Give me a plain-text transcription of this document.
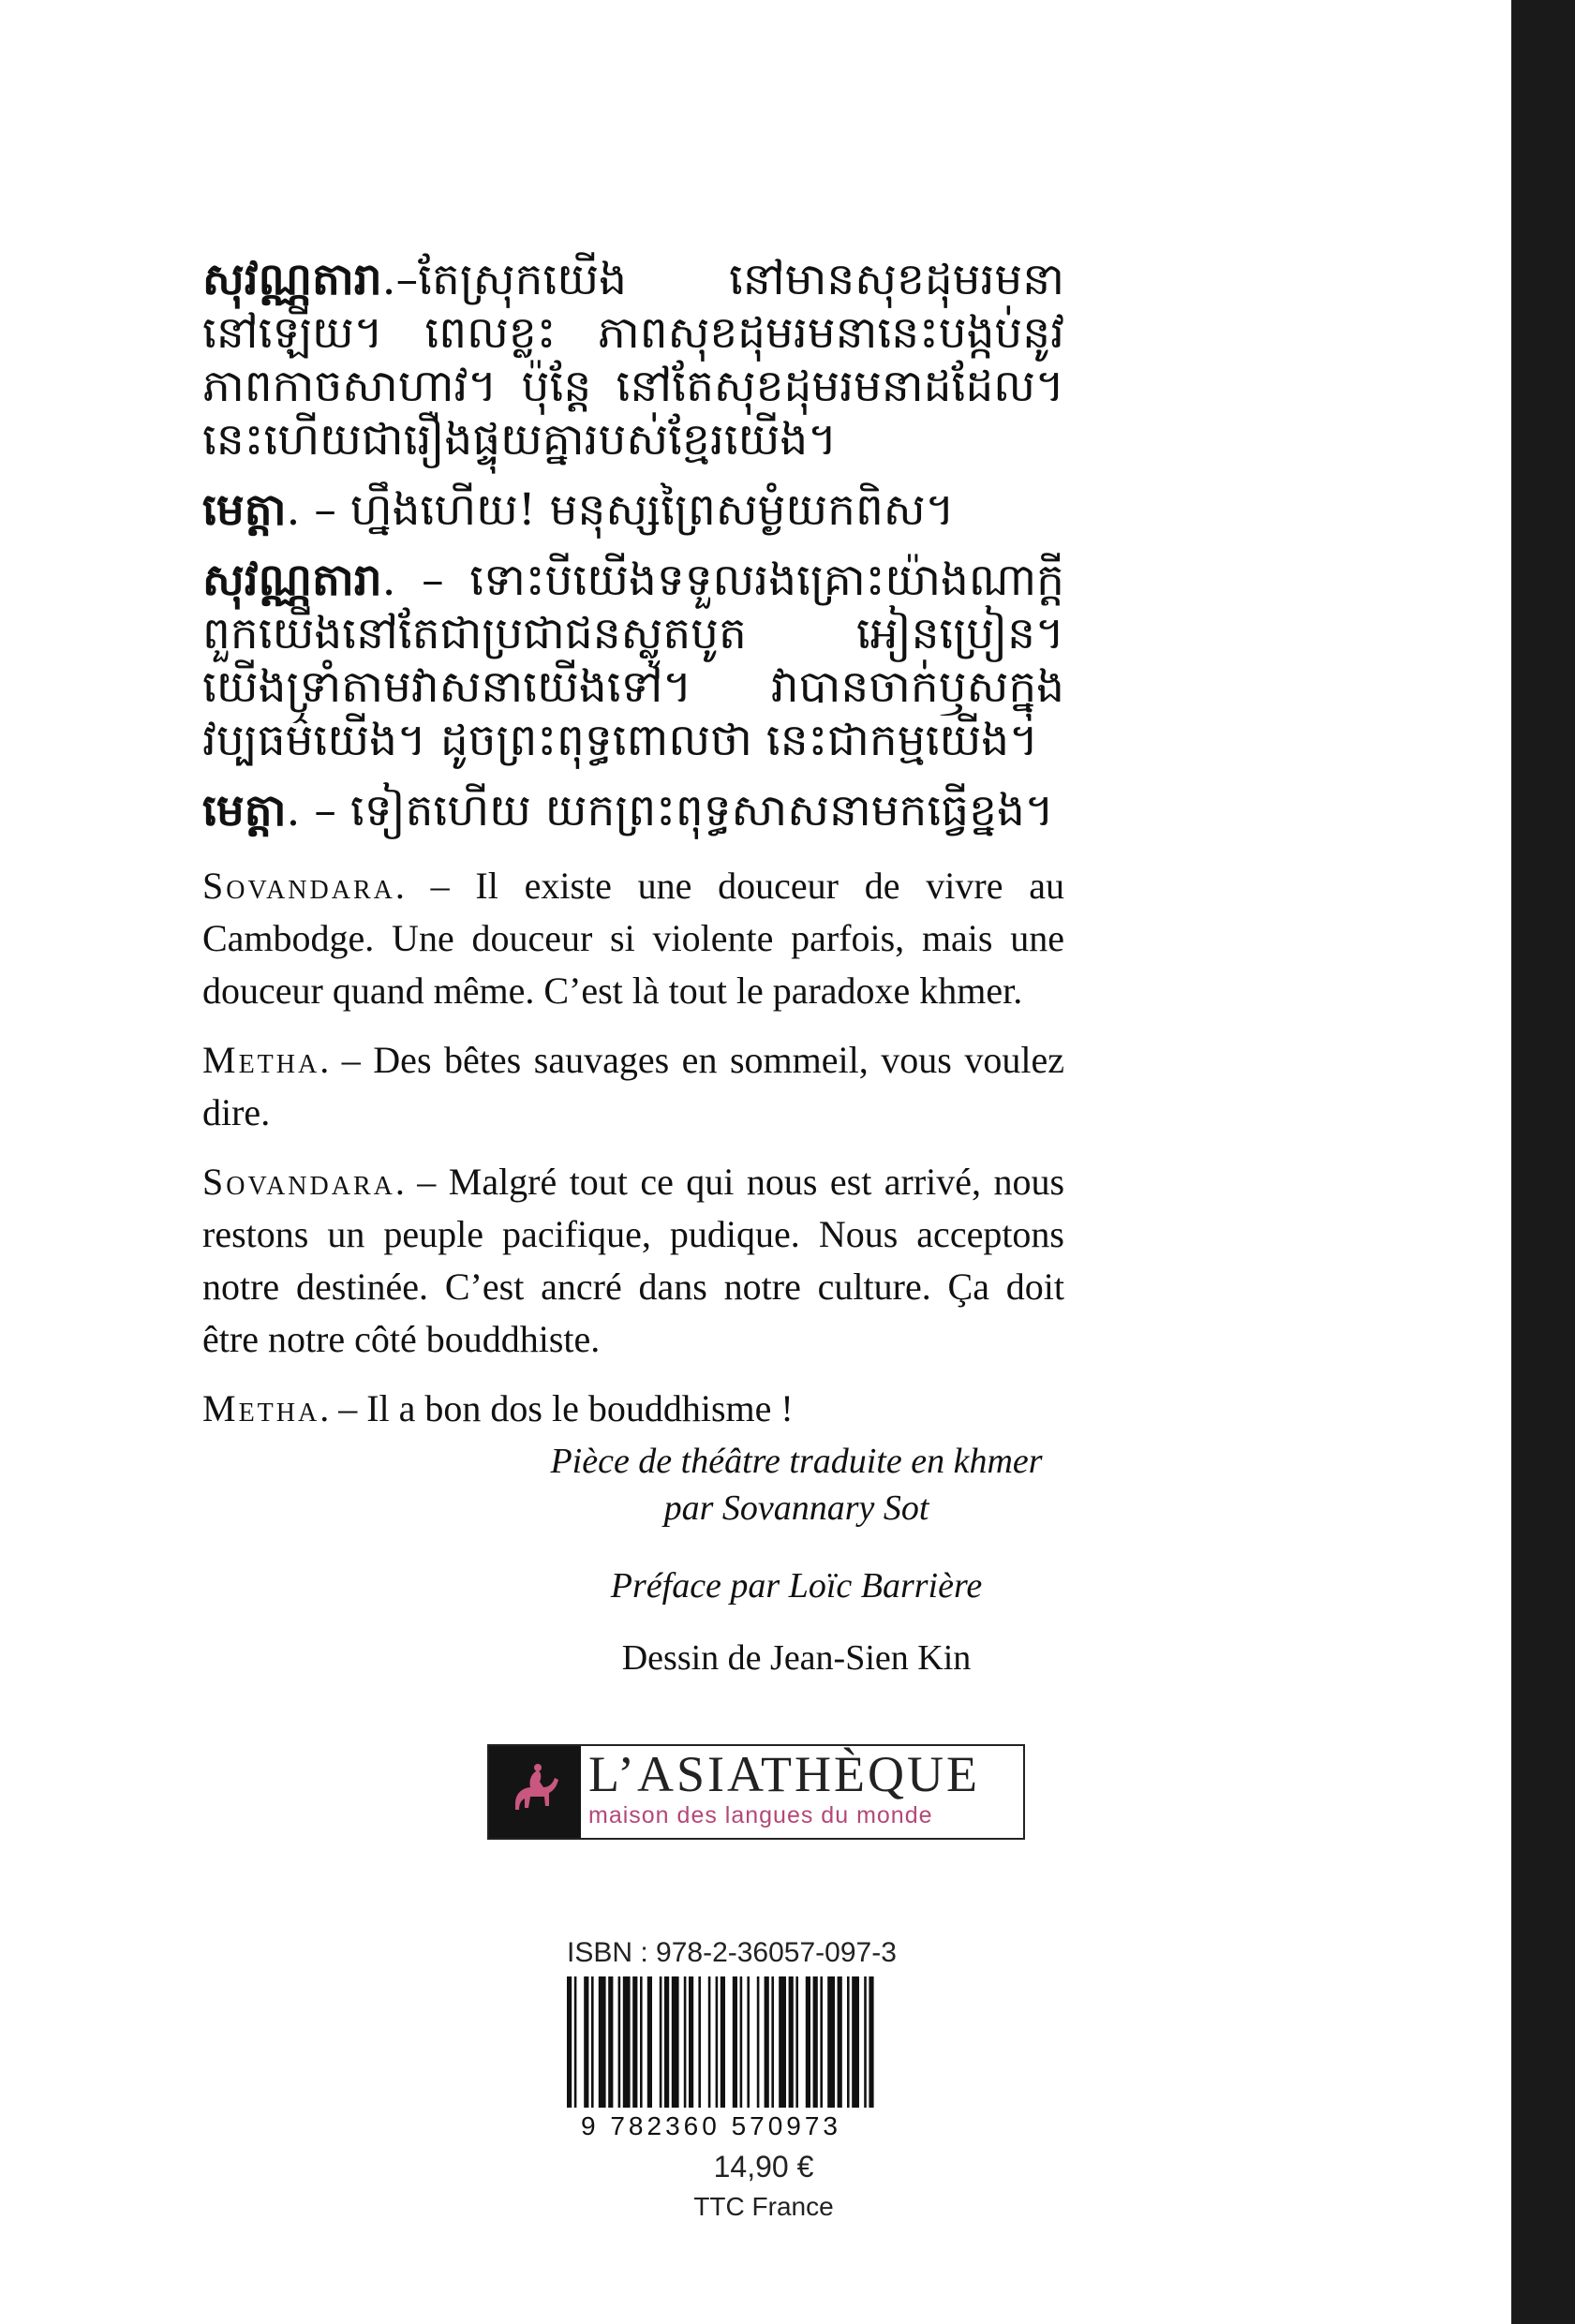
សុវណ្ណតារា.–តែស្រុកយើង នៅមានសុខដុមរមនានៅឡើយ។ ពេលខ្លះ ភាពសុខដុមរមនានេះបង្កប់នូវភាពកាចសាហាវ។ ប៉ុន្តែ នៅតែសុខដុមរមនាដដែល។ នេះហើយជារឿងផ្ទុយគ្នារបស់ខ្មែរយើង។
មេត្តា. – ហ្នឹងហើយ! មនុស្សព្រៃសម្ងំយកពិស។
សុវណ្ណតារា. – ទោះបីយើងទទួលរងគ្រោះយ៉ាងណាក្តី ពួកយើងនៅតែជាប្រជាជនស្លូតបូត អៀនប្រៀន។ យើងទ្រាំតាមវាសនាយើងទៅ។ វាបានចាក់ឫសក្នុងវប្បធម៌យើង។ ដូចព្រះពុទ្ធពោលថា នេះជាកម្មយើង។
មេត្តា. – ទៀតហើយ យកព្រះពុទ្ធសាសនាមកធ្វើខ្នង។
Sovandara. – Il existe une douceur de vivre au Cambodge. Une douceur si violente parfois, mais une douceur quand même. C’est là tout le paradoxe khmer.
Metha. – Des bêtes sauvages en sommeil, vous voulez dire.
Sovandara. – Malgré tout ce qui nous est arrivé, nous restons un peuple pacifique, pudique. Nous acceptons notre destinée. C’est ancré dans notre culture. Ça doit être notre côté bouddhiste.
Metha. – Il a bon dos le bouddhisme !
Pièce de théâtre traduite en khmer
par Sovannary Sot
Préface par Loïc Barrière
Dessin de Jean-Sien Kin
L’ASIATHÈQUE
maison des langues du monde
ISBN : 978-2-36057-097-3
9 782360 570973
14,90 €
TTC France
